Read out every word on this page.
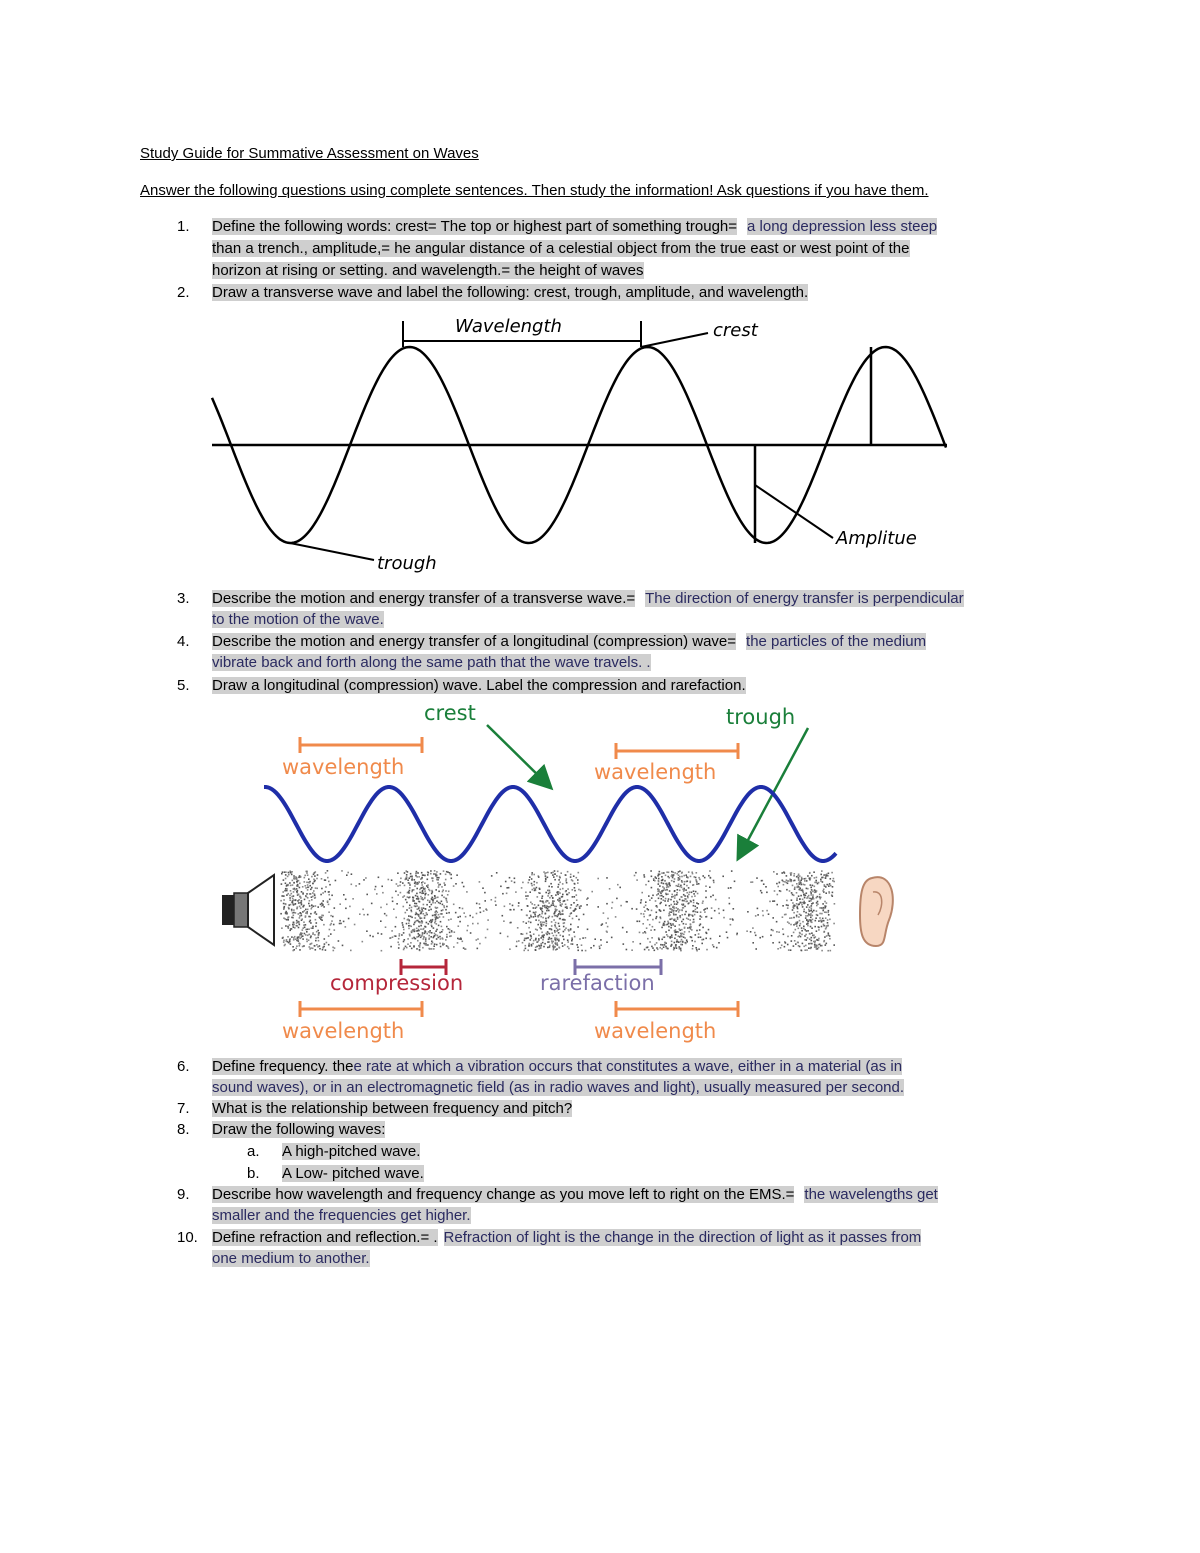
Study Guide for Summative Assessment on Waves
Answer the following questions using complete sentences. Then study the information! Ask questions if you have them.
1. Define the following words: crest= The top or highest part of something trough= a long depression less steep
than a trench., amplitude,= he angular distance of a celestial object from the true east or west point of the
horizon at rising or setting. and wavelength.= the height of waves
2. Draw a transverse wave and label the following: crest, trough, amplitude, and wavelength.
Wavelength	crest
trough
Amplitue
3. Describe the motion and energy transfer of a transverse wave.= The direction of energy transfer is perpendicular
to the motion of the wave.
4. Describe the motion and energy transfer of a longitudinal (compression) wave= the particles of the medium
vibrate back and forth along the same path that the wave travels. .
5. Draw a longitudinal (compression) wave. Label the compression and rarefaction.
crest	trough
wavelength	wavelength
compression	rarefaction
wavelength	wavelength
6. Define frequency. thee rate at which a vibration occurs that constitutes a wave, either in a material (as in
sound waves), or in an electromagnetic field (as in radio waves and light), usually measured per second.
7. What is the relationship between frequency and pitch?
8. Draw the following waves:
a. A high-pitched wave.
b. A Low- pitched wave.
9. Describe how wavelength and frequency change as you move left to right on the EMS.= the wavelengths get
smaller and the frequencies get higher.
10. Define refraction and reflection.= . Refraction of light is the change in the direction of light as it passes from
one medium to another.
